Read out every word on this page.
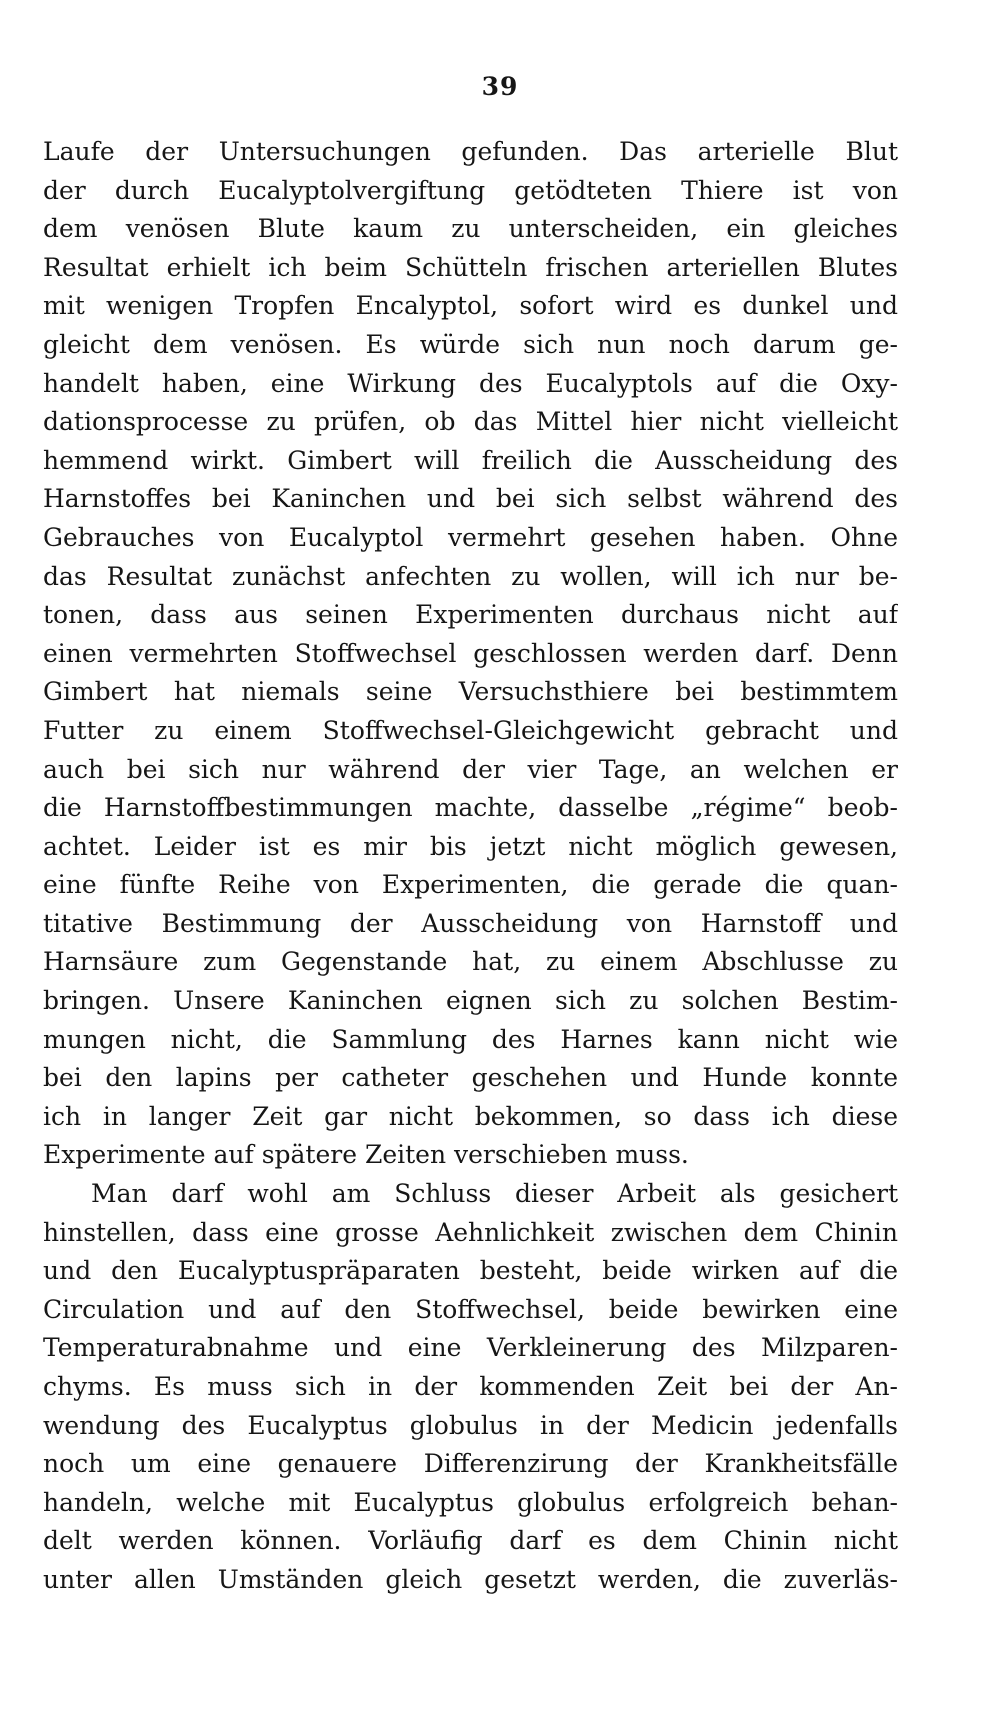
39
Laufe der Untersuchungen gefunden. Das arterielle Blut
der durch Eucalyptolvergiftung getödteten Thiere ist von
dem venösen Blute kaum zu unterscheiden, ein gleiches
Resultat erhielt ich beim Schütteln frischen arteriellen Blutes
mit wenigen Tropfen Encalyptol, sofort wird es dunkel und
gleicht dem venösen. Es würde sich nun noch darum ge-
handelt haben, eine Wirkung des Eucalyptols auf die Oxy-
dationsprocesse zu prüfen, ob das Mittel hier nicht vielleicht
hemmend wirkt. Gimbert will freilich die Ausscheidung des
Harnstoffes bei Kaninchen und bei sich selbst während des
Gebrauches von Eucalyptol vermehrt gesehen haben. Ohne
das Resultat zunächst anfechten zu wollen, will ich nur be-
tonen, dass aus seinen Experimenten durchaus nicht auf
einen vermehrten Stoffwechsel geschlossen werden darf. Denn
Gimbert hat niemals seine Versuchsthiere bei bestimmtem
Futter zu einem Stoffwechsel-Gleichgewicht gebracht und
auch bei sich nur während der vier Tage, an welchen er
die Harnstoffbestimmungen machte, dasselbe „régime“ beob-
achtet. Leider ist es mir bis jetzt nicht möglich gewesen,
eine fünfte Reihe von Experimenten, die gerade die quan-
titative Bestimmung der Ausscheidung von Harnstoff und
Harnsäure zum Gegenstande hat, zu einem Abschlusse zu
bringen. Unsere Kaninchen eignen sich zu solchen Bestim-
mungen nicht, die Sammlung des Harnes kann nicht wie
bei den lapins per catheter geschehen und Hunde konnte
ich in langer Zeit gar nicht bekommen, so dass ich diese
Experimente auf spätere Zeiten verschieben muss.
Man darf wohl am Schluss dieser Arbeit als gesichert
hinstellen, dass eine grosse Aehnlichkeit zwischen dem Chinin
und den Eucalyptuspräparaten besteht, beide wirken auf die
Circulation und auf den Stoffwechsel, beide bewirken eine
Temperaturabnahme und eine Verkleinerung des Milzparen-
chyms. Es muss sich in der kommenden Zeit bei der An-
wendung des Eucalyptus globulus in der Medicin jedenfalls
noch um eine genauere Differenzirung der Krankheitsfälle
handeln, welche mit Eucalyptus globulus erfolgreich behan-
delt werden können. Vorläufig darf es dem Chinin nicht
unter allen Umständen gleich gesetzt werden, die zuverläs-
